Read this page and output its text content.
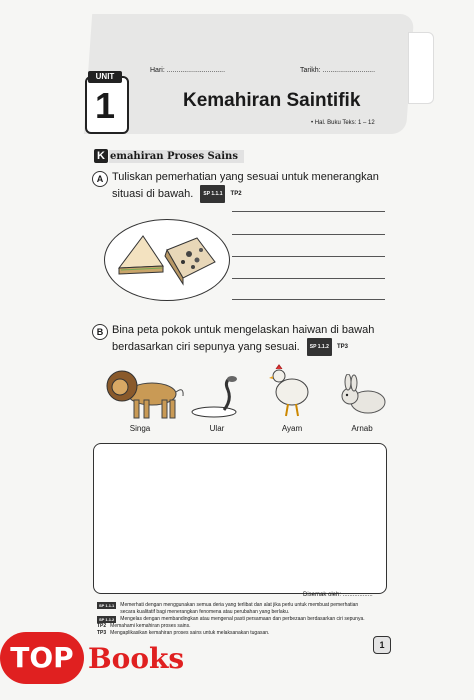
Hari: ..............................	Tarikh: ...........................
UNIT
1	Kemahiran Saintifik
• Hal. Buku Teks: 1 – 12
K emahiran Proses Sains
A Tuliskan pemerhatian yang sesuai untuk menerangkan situasi di bawah. SP 1.1.1 TP2
B Bina peta pokok untuk mengelaskan haiwan di bawah berdasarkan ciri sepunya yang sesuai. SP 1.1.2 TP3
Singa	Ular	Ayam	Arnab
Disemak oleh: ..................
SP 1.1.1	Memerhati dengan menggunakan semua deria yang terlibat dan alat jika perlu untuk membuat pemerhatian secara kualitatif bagi menerangkan fenomena atau perubahan yang berlaku.
SP 1.1.2	Mengelas dengan membandingkan atau mengenal pasti persamaan dan perbezaan berdasarkan ciri sepunya.
TP2 Memahami kemahiran proses sains.
TP3 Mengaplikasikan kemahiran proses sains untuk melaksanakan tugasan.
1
TOP Books
